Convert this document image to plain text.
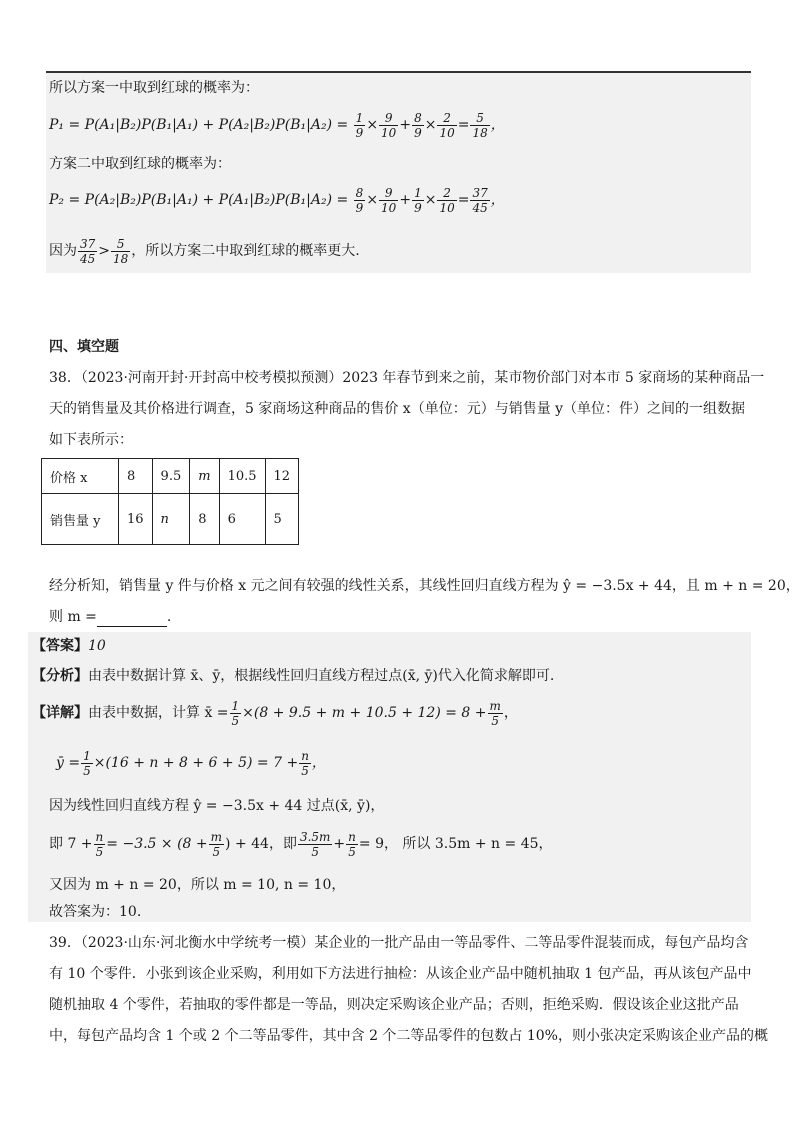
所以方案一中取到红球的概率为：
$P_1 = P(A_1|B_2)P(B_1|A_1) + P(A_2|B_2)P(B_1|A_2) = \frac{1}{9} \times \frac{9}{10} + \frac{8}{9} \times \frac{2}{10} = \frac{5}{18}$ ，
方案二中取到红球的概率为：
$P_2 = P(A_2|B_2)P(B_1|A_1) + P(A_1|B_2)P(B_1|A_2) = \frac{8}{9} \times \frac{9}{10} + \frac{1}{9} \times \frac{2}{10} = \frac{37}{45}$ ，
因为 $\frac{37}{45} > \frac{5}{18}$ ，所以方案二中取到红球的概率更大.
四、填空题
38．（2023·河南开封·开封高中校考模拟预测）2023 年春节到来之前，某市物价部门对本市 5 家商场的某种商品一
天的销售量及其价格进行调查，5 家商场这种商品的售价 x（单位：元）与销售量 y（单位：件）之间的一组数据
如下表所示：
价格 x	8	9.5	m	10.5	12
销售量 y	16	n	8	6	5
经分析知，销售量 y 件与价格 x 元之间有较强的线性关系，其线性回归直线方程为 ŷ = −3.5x + 44，且 m + n = 20，
则 m =	.
【答案】10
【分析】由表中数据计算 x̄、ȳ，根据线性回归直线方程过点(x̄, ȳ)代入化简求解即可.
【详解】由表中数据，计算 x̄ = $\frac{1}{5} \times(8 + 9.5 + m + 10.5 + 12) = 8 + \frac{m}{5}$ ，
ȳ = $\frac{1}{5} \times(16 + n + 8 + 6 + 5) = 7 + \frac{n}{5}$ ，
因为线性回归直线方程 ŷ = −3.5x + 44 过点(x̄, ȳ)，
即 $7 + \frac{n}{5} = -3.5 \times (8 + \frac{m}{5}$ ) + 44，即 $\frac{3.5m}{5} + \frac{n}{5} = 9$， 所以 3.5m + n = 45，
又因为 m + n = 20，所以 m = 10, n = 10，
故答案为：10.
39．（2023·山东·河北衡水中学统考一模）某企业的一批产品由一等品零件、二等品零件混装而成，每包产品均含
有 10 个零件．小张到该企业采购，利用如下方法进行抽检：从该企业产品中随机抽取 1 包产品，再从该包产品中
随机抽取 4 个零件，若抽取的零件都是一等品，则决定采购该企业产品；否则，拒绝采购．假设该企业这批产品
中，每包产品均含 1 个或 2 个二等品零件，其中含 2 个二等品零件的包数占 10%，则小张决定采购该企业产品的概
